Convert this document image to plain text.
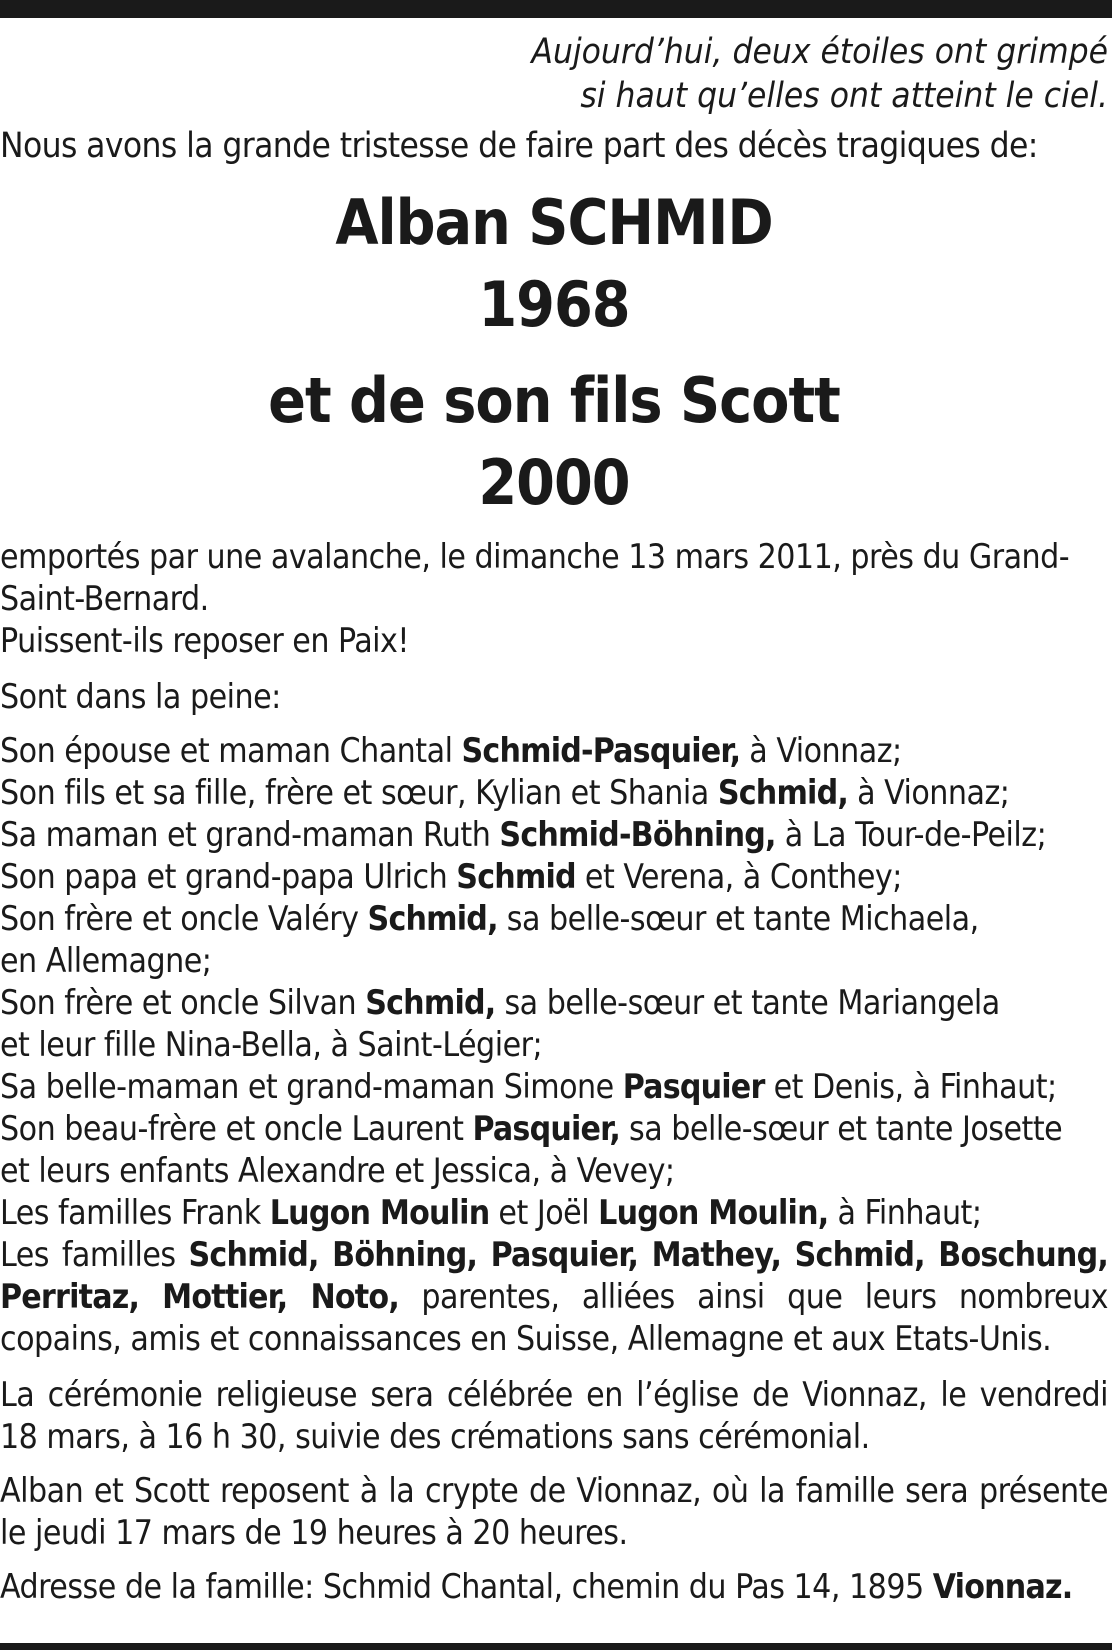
Aujourd’hui, deux étoiles ont grimpé
si haut qu’elles ont atteint le ciel.

Nous avons la grande tristesse de faire part des décès tragiques de:

Alban SCHMID
1968
et de son fils Scott
2000

emportés par une avalanche, le dimanche 13 mars 2011, près du Grand-

Saint-Bernard.

Puissent-ils reposer en Paix!

Sont dans la peine:

Son épouse et maman Chantal Schmid-Pasquier, à Vionnaz;

Son fils et sa fille, frère et sœur, Kylian et Shania Schmid, à Vionnaz;

Sa maman et grand-maman Ruth Schmid-Böhning, à La Tour-de-Peilz;

Son papa et grand-papa Ulrich Schmid et Verena, à Conthey;

Son frère et oncle Valéry Schmid, sa belle-sœur et tante Michaela,

en Allemagne;

Son frère et oncle Silvan Schmid, sa belle-sœur et tante Mariangela

et leur fille Nina-Bella, à Saint-Légier;

Sa belle-maman et grand-maman Simone Pasquier et Denis, à Finhaut;

Son beau-frère et oncle Laurent Pasquier, sa belle-sœur et tante Josette

et leurs enfants Alexandre et Jessica, à Vevey;

Les familles Frank Lugon Moulin et Joël Lugon Moulin, à Finhaut;

Les familles Schmid, Böhning, Pasquier, Mathey, Schmid, Boschung, Perritaz, Mottier, Noto, parentes, alliées ainsi que leurs nombreux copains, amis et connaissances en Suisse, Allemagne et aux Etats-Unis.

La cérémonie religieuse sera célébrée en l’église de Vionnaz, le vendredi 18 mars, à 16 h 30, suivie des crémations sans cérémonial.

Alban et Scott reposent à la crypte de Vionnaz, où la famille sera présente le jeudi 17 mars de 19 heures à 20 heures.

Adresse de la famille: Schmid Chantal, chemin du Pas 14, 1895 Vionnaz.
